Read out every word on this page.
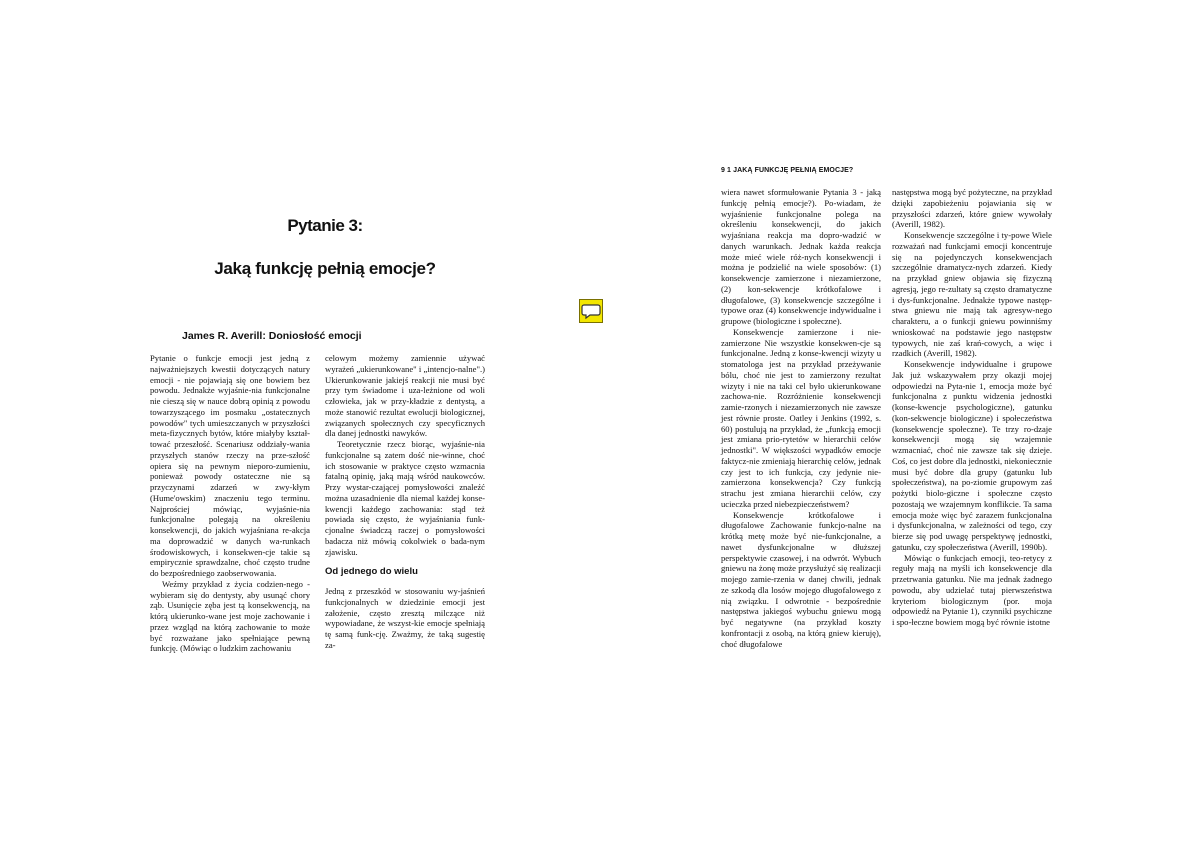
Pytanie 3:
Jaką funkcję pełnią emocje?
James R. Averill: Doniosłość emocji

Pytanie o funkcje emocji jest jedną z najważniejszych kwestii dotyczących natury emocji - nie pojawiają się one bowiem bez powodu. Jednakże wyjaśnie-nia funkcjonalne nie cieszą się w nauce dobrą opinią z powodu towarzyszącego im posmaku „ostatecznych powodów" tych umieszczanych w przyszłości meta-fizycznych bytów, które miałyby kształ-tować przeszłość. Scenariusz oddziały-wania przyszłych stanów rzeczy na prze-szłość opiera się na pewnym nieporo-zumieniu, ponieważ powody ostateczne nie są przyczynami zdarzeń w zwy-kłym (Hume'owskim) znaczeniu tego terminu. Najprościej mówiąc, wyjaśnie-nia funkcjonalne polegają na określeniu konsekwencji, do jakich wyjaśniana re-akcja ma doprowadzić w danych wa-runkach środowiskowych, i konsekwen-cje takie są empirycznie sprawdzalne, choć często trudne do bezpośredniego zaobserwowania.

Weźmy przykład z życia codzien-nego - wybieram się do dentysty, aby usunąć chory ząb. Usunięcie zęba jest tą konsekwencją, na którą ukierunko-wane jest moje zachowanie i przez wzgląd na którą zachowanie to może być rozważane jako spełniające pewną funkcję. (Mówiąc o ludzkim zachowaniu

celowym możemy zamiennie używać wyrażeń „ukierunkowane" i „intencjo-nalne".) Ukierunkowanie jakiejś reakcji nie musi być przy tym świadome i uza-leżnione od woli człowieka, jak w przy-kładzie z dentystą, a może stanowić rezultat ewolucji biologicznej, związanych społecznych czy specyficznych dla danej jednostki nawyków.

Teoretycznie rzecz biorąc, wyjaśnie-nia funkcjonalne są zatem dość nie-winne, choć ich stosowanie w praktyce często wzmacnia fatalną opinię, jaką mają wśród naukowców. Przy wystar-czającej pomysłowości znaleźć można uzasadnienie dla niemal każdej konse-kwencji każdego zachowania: stąd też powiada się często, że wyjaśniania funk-cjonalne świadczą raczej o pomysłowości badacza niż mówią cokolwiek o bada-nym zjawisku.

Od jednego do wielu

Jedną z przeszkód w stosowaniu wy-jaśnień funkcjonalnych w dziedzinie emocji jest założenie, często zresztą milczące niż wypowiadane, że wszyst-kie emocje spełniają tę samą funk-cję. Zważmy, że taką sugestię za-

9 1 JAKĄ FUNKCJĘ PEŁNIĄ EMOCJE?

wiera nawet sformułowanie Pytania 3 - jaką funkcję pełnią emocje?). Po-wiadam, że wyjaśnienie funkcjonalne polega na określeniu konsekwencji, do jakich wyjaśniana reakcja ma dopro-wadzić w danych warunkach. Jednak każda reakcja może mieć wiele róż-nych konsekwencji i można je podzielić na wiele sposobów: (1) konsekwencje zamierzone i niezamierzone, (2) kon-sekwencje krótkofalowe i długofalowe, (3) konsekwencje szczególne i typowe oraz (4) konsekwencje indywidualne i grupowe (biologiczne i społeczne).

Konsekwencje zamierzone i nie-zamierzone Nie wszystkie konsekwen-cje są funkcjonalne. Jedną z konse-kwencji wizyty u stomatologa jest na przykład przeżywanie bólu, choć nie jest to zamierzony rezultat wizyty i nie na taki cel było ukierunkowane zachowa-nie. Rozróżnienie konsekwencji zamie-rzonych i niezamierzonych nie zawsze jest równie proste. Oatley i Jenkins (1992, s. 60) postulują na przykład, że „funkcją emocji jest zmiana prio-rytetów w hierarchii celów jednostki". W większości wypadków emocje faktycz-nie zmieniają hierarchię celów, jednak czy jest to ich funkcja, czy jedynie nie-zamierzona konsekwencja? Czy funkcją strachu jest zmiana hierarchii celów, czy ucieczka przed niebezpieczeństwem?

Konsekwencje krótkofalowe i długofalowe Zachowanie funkcjo-nalne na krótką metę może być nie-funkcjonalne, a nawet dysfunkcjonalne w dłuższej perspektywie czasowej, i na odwrót. Wybuch gniewu na żonę może przysłużyć się realizacji mojego zamie-rzenia w danej chwili, jednak ze szkodą dla losów mojego długofalowego z nią związku. I odwrotnie - bezpośrednie następstwa jakiegoś wybuchu gniewu mogą być negatywne (na przykład koszty konfrontacji z osobą, na którą gniew kieruję), choć długofalowe

następstwa mogą być pożyteczne, na przykład dzięki zapobieżeniu pojawiania się w przyszłości zdarzeń, które gniew wywołały (Averill, 1982).

Konsekwencje szczególne i ty-powe Wiele rozważań nad funkcjami emocji koncentruje się na pojedynczych konsekwencjach szczególnie dramatycz-nych zdarzeń. Kiedy na przykład gniew objawia się fizyczną agresją, jego re-zultaty są często dramatyczne i dys-funkcjonalne. Jednakże typowe następ-stwa gniewu nie mają tak agresyw-nego charakteru, a o funkcji gniewu powinniśmy wnioskować na podstawie jego następstw typowych, nie zaś krań-cowych, a więc i rzadkich (Averill, 1982).

Konsekwencje indywidualne i grupowe Jak już wskazywałem przy okazji mojej odpowiedzi na Pyta-nie 1, emocja może być funkcjonalna z punktu widzenia jednostki (konse-kwencje psychologiczne), gatunku (kon-sekwencje biologiczne) i społeczeństwa (konsekwencje społeczne). Te trzy ro-dzaje konsekwencji mogą się wzajemnie wzmacniać, choć nie zawsze tak się dzieje. Coś, co jest dobre dla jednostki, niekoniecznie musi być dobre dla grupy (gatunku lub społeczeństwa), na po-ziomie grupowym zaś pożytki biolo-giczne i społeczne często pozostają we wzajemnym konflikcie. Ta sama emocja może więc być zarazem funkcjonalna i dysfunkcjonalna, w zależności od tego, czy bierze się pod uwagę perspektywę jednostki, gatunku, czy społeczeństwa (Averill, 1990b).

Mówiąc o funkcjach emocji, teo-retycy z reguły mają na myśli ich konsekwencje dla przetrwania gatunku. Nie ma jednak żadnego powodu, aby udzielać tutaj pierwszeństwa kryteriom biologicznym (por. moja odpowiedź na Pytanie 1), czynniki psychiczne i spo-łeczne bowiem mogą być równie istotne
